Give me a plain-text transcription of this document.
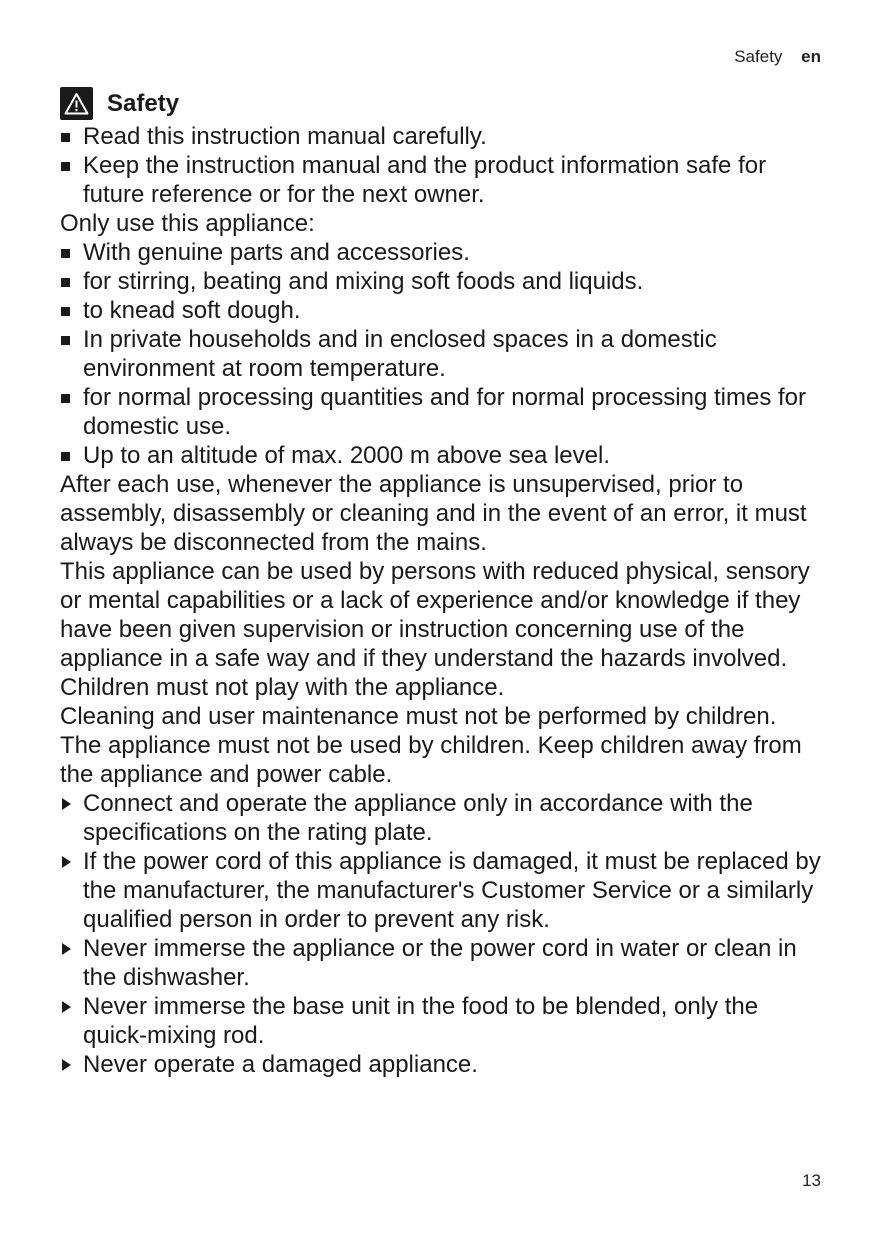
Safety en
Safety
Read this instruction manual carefully.
Keep the instruction manual and the product information safe for future reference or for the next owner.

Only use this appliance:

With genuine parts and accessories.
for stirring, beating and mixing soft foods and liquids.
to knead soft dough.
In private households and in enclosed spaces in a domestic environment at room temperature.
for normal processing quantities and for normal processing times for domestic use.
Up to an altitude of max. 2000 m above sea level.

After each use, whenever the appliance is unsupervised, prior to assembly, disassembly or cleaning and in the event of an error, it must always be disconnected from the mains.

This appliance can be used by persons with reduced physical, sensory or mental capabilities or a lack of experience and/or knowledge if they have been given supervision or instruction concerning use of the appliance in a safe way and if they understand the hazards involved.

Children must not play with the appliance.

Cleaning and user maintenance must not be performed by children.

The appliance must not be used by children. Keep children away from the appliance and power cable.

Connect and operate the appliance only in accordance with the specifications on the rating plate.
If the power cord of this appliance is damaged, it must be replaced by the manufacturer, the manufacturer's Customer Service or a similarly qualified person in order to prevent any risk.
Never immerse the appliance or the power cord in water or clean in the dishwasher.
Never immerse the base unit in the food to be blended, only the quick-mixing rod.
Never operate a damaged appliance.
13
